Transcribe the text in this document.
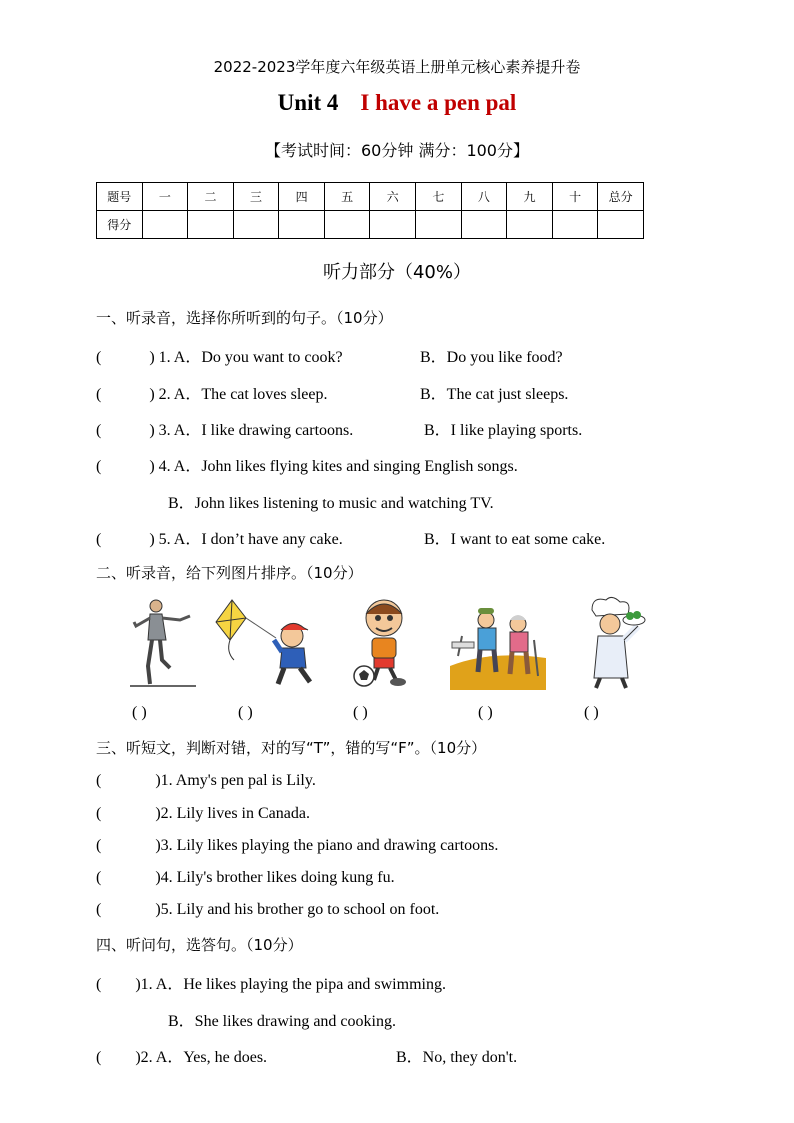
2022-2023学年度六年级英语上册单元核心素养提升卷
Unit 4 I have a pen pal
【考试时间：60分钟 满分：100分】
题号	一	二	三	四	五	六	七	八	九	十	总分
得分											
听力部分（40%）
一、听录音，选择你所听到的句子。（10分）
(	) 1. A．Do you want to cook?	B．Do you like food?
(	) 2. A．The cat loves sleep.	B．The cat just sleeps.
(	) 3. A．I like drawing cartoons.	B．I like playing sports.
(	) 4. A．John likes flying kites and singing English songs.
B．John likes listening to music and watching TV.
(	) 5. A．I don’t have any cake.	B．I want to eat some cake.
二、听录音，给下列图片排序。（10分）
( )	( )	( )	( )	( )
三、听短文，判断对错，对的写“T”，错的写“F”。（10分）
(	)1. Amy's pen pal is Lily.
(	)2. Lily lives in Canada.
(	)3. Lily likes playing the piano and drawing cartoons.
(	)4. Lily's brother likes doing kung fu.
(	)5. Lily and his brother go to school on foot.
四、听问句，选答句。（10分）
( )1. A．He likes playing the pipa and swimming.
B．She likes drawing and cooking.
( )2. A．Yes, he does.	B．No, they don't.
